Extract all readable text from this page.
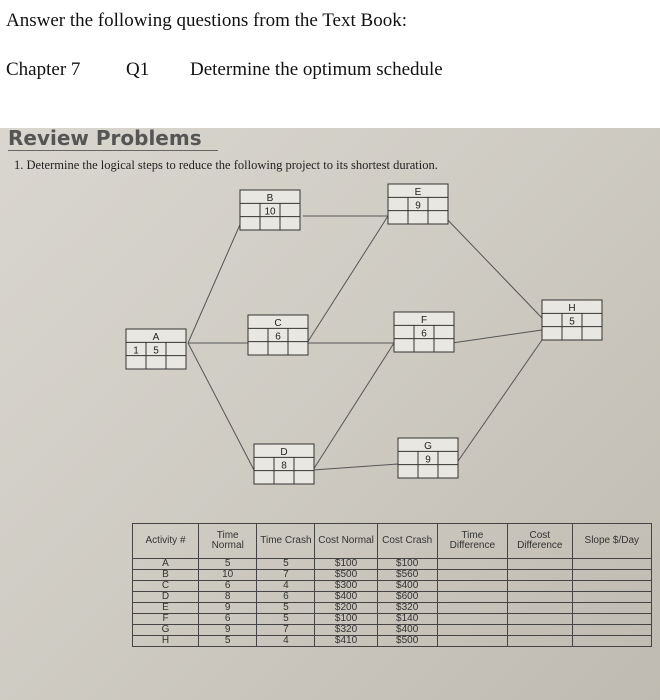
Answer the following questions from the Text Book:
Chapter 7 Q1 Determine the optimum schedule
Review Problems
1. Determine the logical steps to reduce the following project to its shortest duration.
A
5
1
B
10
C
6
D
8
E
9
F
6
G
9
H
5
Activity #	Time Normal	Time Crash	Cost Normal	Cost Crash	Time Difference	Cost Difference	Slope $/Day
A	5	5	$100	$100			
B	10	7	$500	$560			
C	6	4	$300	$400			
D	8	6	$400	$600			
E	9	5	$200	$320			
F	6	5	$100	$140			
G	9	7	$320	$400			
H	5	4	$410	$500			
